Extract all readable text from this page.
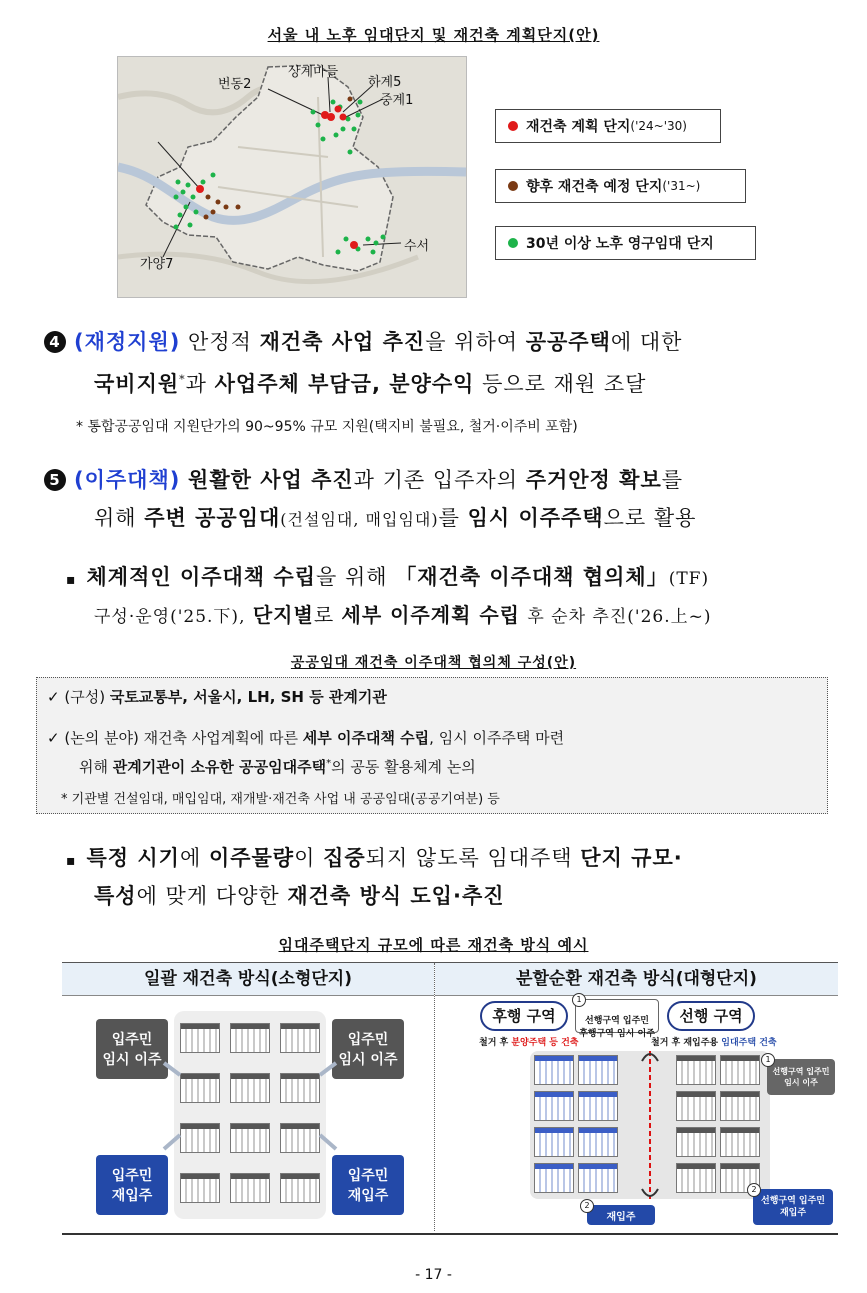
서울 내 노후 임대단지 및 재건축 계획단지(안)
번동2
상계마들
하계5
중계1
가양7
수서
재건축 계획 단지 ('24~'30)
향후 재건축 예정 단지 ('31~)
30년 이상 노후 영구임대 단지
4 (재정지원) 안정적 재건축 사업 추진을 위하여 공공주택에 대한
국비지원*과 사업주체 부담금, 분양수익 등으로 재원 조달
* 통합공공임대 지원단가의 90~95% 규모 지원(택지비 불필요, 철거·이주비 포함)
5 (이주대책) 원활한 사업 추진과 기존 입주자의 주거안정 확보를
위해 주변 공공임대(건설임대, 매입임대)를 임시 이주주택으로 활용
▪ 체계적인 이주대책 수립을 위해 「재건축 이주대책 협의체」(TF)
구성·운영('25.下), 단지별로 세부 이주계획 수립 후 순차 추진('26.上~)
공공임대 재건축 이주대책 협의체 구성(안)
✓ (구성) 국토교통부, 서울시, LH, SH 등 관계기관
✓ (논의 분야) 재건축 사업계획에 따른 세부 이주대책 수립, 임시 이주주택 마련
위해 관계기관이 소유한 공공임대주택*의 공동 활용체계 논의
* 기관별 건설임대, 매입임대, 재개발·재건축 사업 내 공공임대(공공기여분) 등
▪ 특정 시기에 이주물량이 집중되지 않도록 임대주택 단지 규모·
특성에 맞게 다양한 재건축 방식 도입·추진
임대주택단지 규모에 따른 재건축 방식 예시
일괄 재건축 방식(소형단지)
입주민
임시 이주
입주민
임시 이주
입주민
재입주
입주민
재입주
분할순환 재건축 방식(대형단지)
후행 구역	선행 구역

선행구역 입주민
후행구역 임시 이주

1
철거 후 분양주택 등 건축	철거 후 재입주용 임대주택 건축
선행구역 입주민
임시 이주
1
재입주
2	선행구역 입주민
재입주
2
- 17 -
